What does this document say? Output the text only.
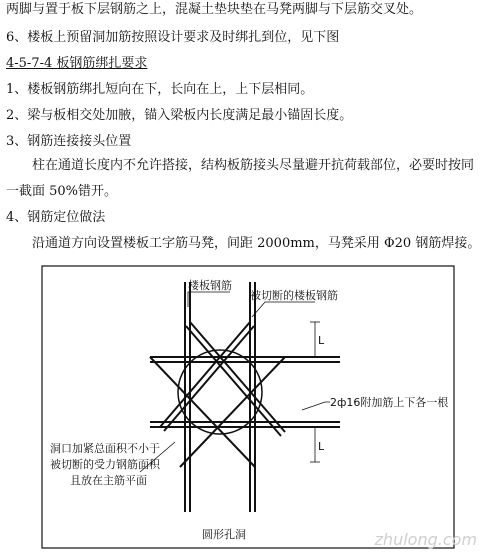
两脚与置于板下层钢筋之上，混凝土垫块垫在马凳两脚与下层筋交叉处。
6、楼板上预留洞加筋按照设计要求及时绑扎到位，见下图
4-5-7-4 板钢筋绑扎要求
1、楼板钢筋绑扎短向在下，长向在上，上下层相同。
2、梁与板相交处加腋，锚入梁板内长度满足最小锚固长度。
3、钢筋连接接头位置
柱在通道长度内不允许搭接，结构板筋接头尽量避开抗荷载部位，必要时按同
一截面 50%错开。
4、钢筋定位做法
沿通道方向设置楼板工字筋马凳，间距 2000mm，马凳采用 Φ20 钢筋焊接。
L
L
楼板钢筋
被切断的楼板钢筋
2ф16附加筋上下各一根
洞口加紧总面积不小于
被切断的受力钢筋面积
且放在主筋平面
圆形孔洞	zhulong.com
